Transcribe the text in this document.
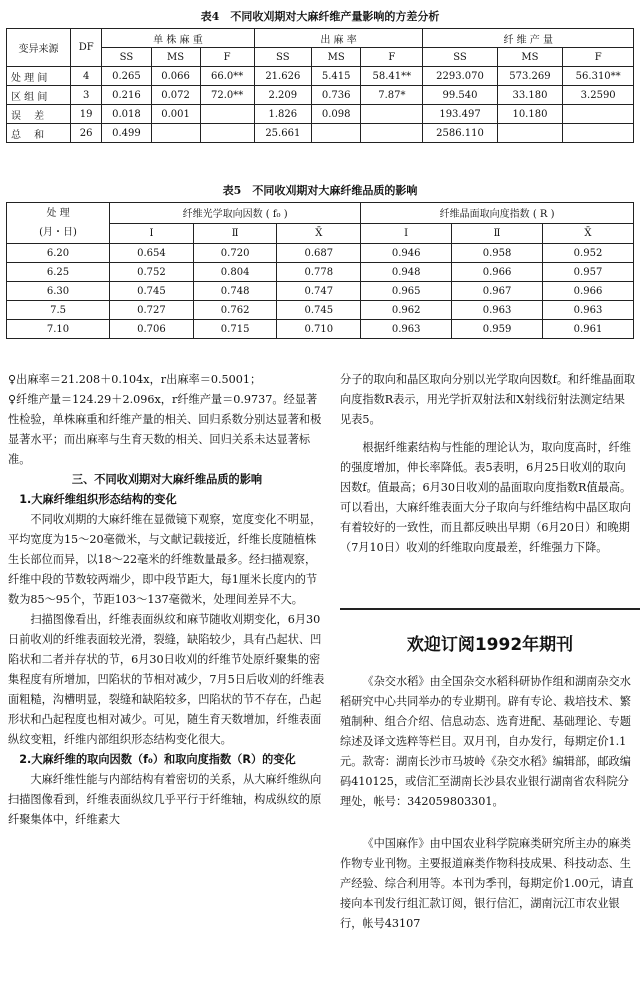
表4　不同收刈期对大麻纤维产量影响的方差分析
变异来源	DF	单 株 麻 重			出 麻 率			纤 维 产 量		
		SS	MS	F	SS	MS	F	SS	MS	F
处 理 间	4	0.265	0.066	66.0**	21.626	5.415	58.41**	2293.070	573.269	56.310**
区 组 间	3	0.216	0.072	72.0**	2.209	0.736	7.87*	99.540	33.180	3.2590
误　 差	19	0.018	0.001		1.826	0.098		193.497	10.180	
总　 和	26	0.499			25.661			2586.110		
表5　不同收刈期对大麻纤维品质的影响
处 理
(月・日)	纤维光学取向因数 ( f₀ )			纤维晶面取向度指数 ( R )		
	Ⅰ	Ⅱ	X̄	Ⅰ	Ⅱ	X̄
6.20	0.654	0.720	0.687	0.946	0.958	0.952
6.25	0.752	0.804	0.778	0.948	0.966	0.957
6.30	0.745	0.748	0.747	0.965	0.967	0.966
7.5	0.727	0.762	0.745	0.962	0.963	0.963
7.10	0.706	0.715	0.710	0.963	0.959	0.961

♀出麻率＝21.208＋0.104x，r出麻率＝0.5001；

♀纤维产量＝124.29＋2.096x，r纤维产量＝0.9737。经显著性检验，单株麻重和纤维产量的相关、回归系数分别达显著和极显著水平；而出麻率与生育天数的相关、回归关系未达显著标准。

三、不同收刈期对大麻纤维品质的影响

1.大麻纤维组织形态结构的变化

不同收刈期的大麻纤维在显微镜下观察，宽度变化不明显，平均宽度为15～20毫微米，与文献记载接近，纤维长度随植株生长部位而异，以18～22毫米的纤维数量最多。经扫描观察，纤维中段的节数较两端少，即中段节距大，每1厘米长度内的节数为85～95个，节距103～137毫微米，处理间差异不大。

扫描图像看出，纤维表面纵纹和麻节随收刈期变化，6月30日前收刈的纤维表面较光滑，裂缝，缺陷较少，具有凸起状、凹陷状和二者并存状的节，6月30日收刈的纤维节处原纤聚集的密集程度有所增加，凹陷状的节相对减少，7月5日后收刈的纤维表面粗糙，沟槽明显，裂缝和缺陷较多，凹陷状的节不存在，凸起形状和凸起程度也相对减少。可见，随生育天数增加，纤维表面纵纹变粗，纤维内部组织形态结构变化很大。

2.大麻纤维的取向因数（f₀）和取向度指数（R）的变化

大麻纤维性能与内部结构有着密切的关系，从大麻纤维纵向扫描图像看到，纤维表面纵纹几乎平行于纤维轴，构成纵纹的原纤聚集体中，纤维素大

分子的取向和晶区取向分别以光学取向因数f。和纤维晶面取向度指数R表示，用光学折双射法和X射线衍射法测定结果见表5。

根据纤维素结构与性能的理论认为，取向度高时，纤维的强度增加，伸长率降低。表5表明，6月25日收刈的取向因数f。值最高；6月30日收刈的晶面取向度指数R值最高。可以看出，大麻纤维表面大分子取向与纤维结构中晶区取向有着较好的一致性，而且都反映出早期（6月20日）和晚期（7月10日）收刈的纤维取向度最差，纤维强力下降。

欢迎订阅1992年期刊

《杂交水稻》由全国杂交水稻科研协作组和湖南杂交水稻研究中心共同举办的专业期刊。辟有专论、栽培技术、繁殖制种、组合介绍、信息动态、选育进配、基础理论、专题综述及译文选粹等栏目。双月刊，自办发行，每期定价1.1元。款寄：湖南长沙市马坡岭《杂交水稻》编辑部，邮政编码410125，或信汇至湖南长沙县农业银行湖南省农科院分理处，帐号：342059803301。

《中国麻作》由中国农业科学院麻类研究所主办的麻类作物专业刊物。主要报道麻类作物科技成果、科技动态、生产经验、综合利用等。本刊为季刊，每期定价1.00元，请直接向本刊发行组汇款订阅，银行信汇，湖南沅江市农业银行，帐号43107
